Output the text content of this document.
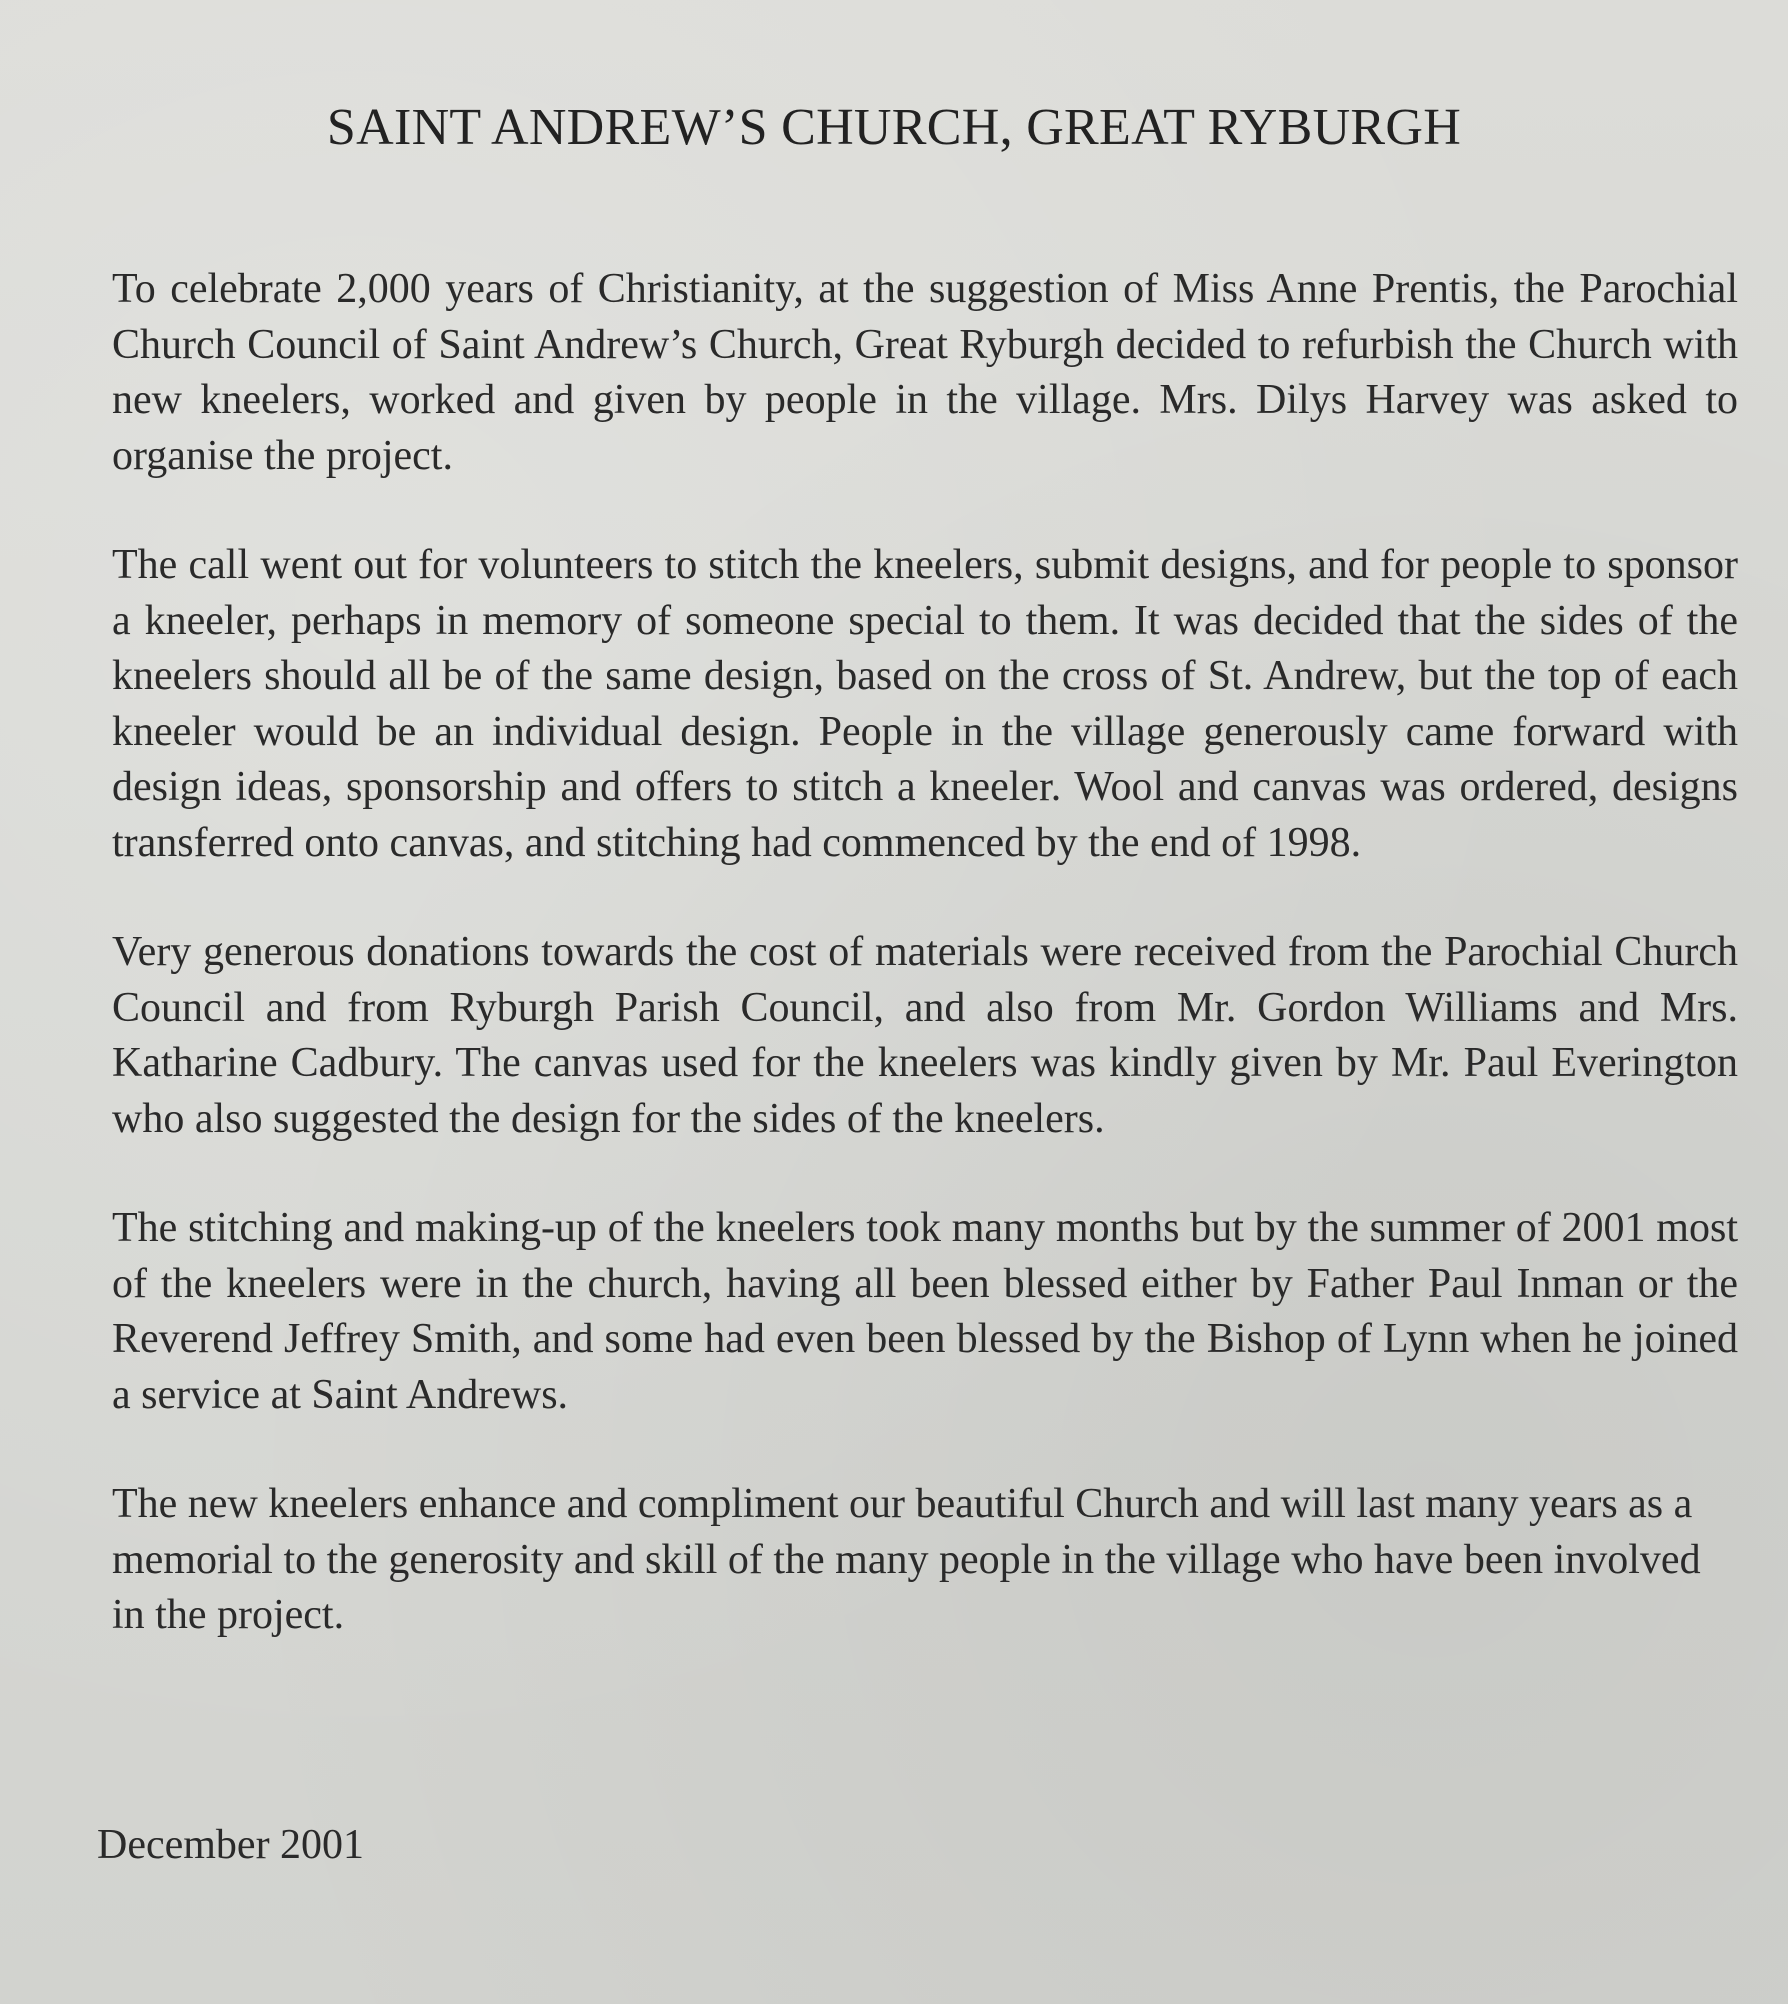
SAINT ANDREW’S CHURCH, GREAT RYBURGH

To celebrate 2,000 years of Christianity, at the suggestion of Miss Anne Prentis, the Parochial Church Council of Saint Andrew’s Church, Great Ryburgh decided to refurbish the Church with new kneelers, worked and given by people in the village. Mrs. Dilys Harvey was asked to organise the project.

The call went out for volunteers to stitch the kneelers, submit designs, and for people to sponsor a kneeler, perhaps in memory of someone special to them. It was decided that the sides of the kneelers should all be of the same design, based on the cross of St. Andrew, but the top of each kneeler would be an individual design. People in the village generously came forward with design ideas, sponsorship and offers to stitch a kneeler. Wool and canvas was ordered, designs transferred onto canvas, and stitching had commenced by the end of 1998.

Very generous donations towards the cost of materials were received from the Parochial Church Council and from Ryburgh Parish Council, and also from Mr. Gordon Williams and Mrs. Katharine Cadbury. The canvas used for the kneelers was kindly given by Mr. Paul Everington who also suggested the design for the sides of the kneelers.

The stitching and making-up of the kneelers took many months but by the summer of 2001 most of the kneelers were in the church, having all been blessed either by Father Paul Inman or the Reverend Jeffrey Smith, and some had even been blessed by the Bishop of Lynn when he joined a service at Saint Andrews.

The new kneelers enhance and compliment our beautiful Church and will last many years as a memorial to the generosity and skill of the many people in the village who have been involved in the project.

December 2001
